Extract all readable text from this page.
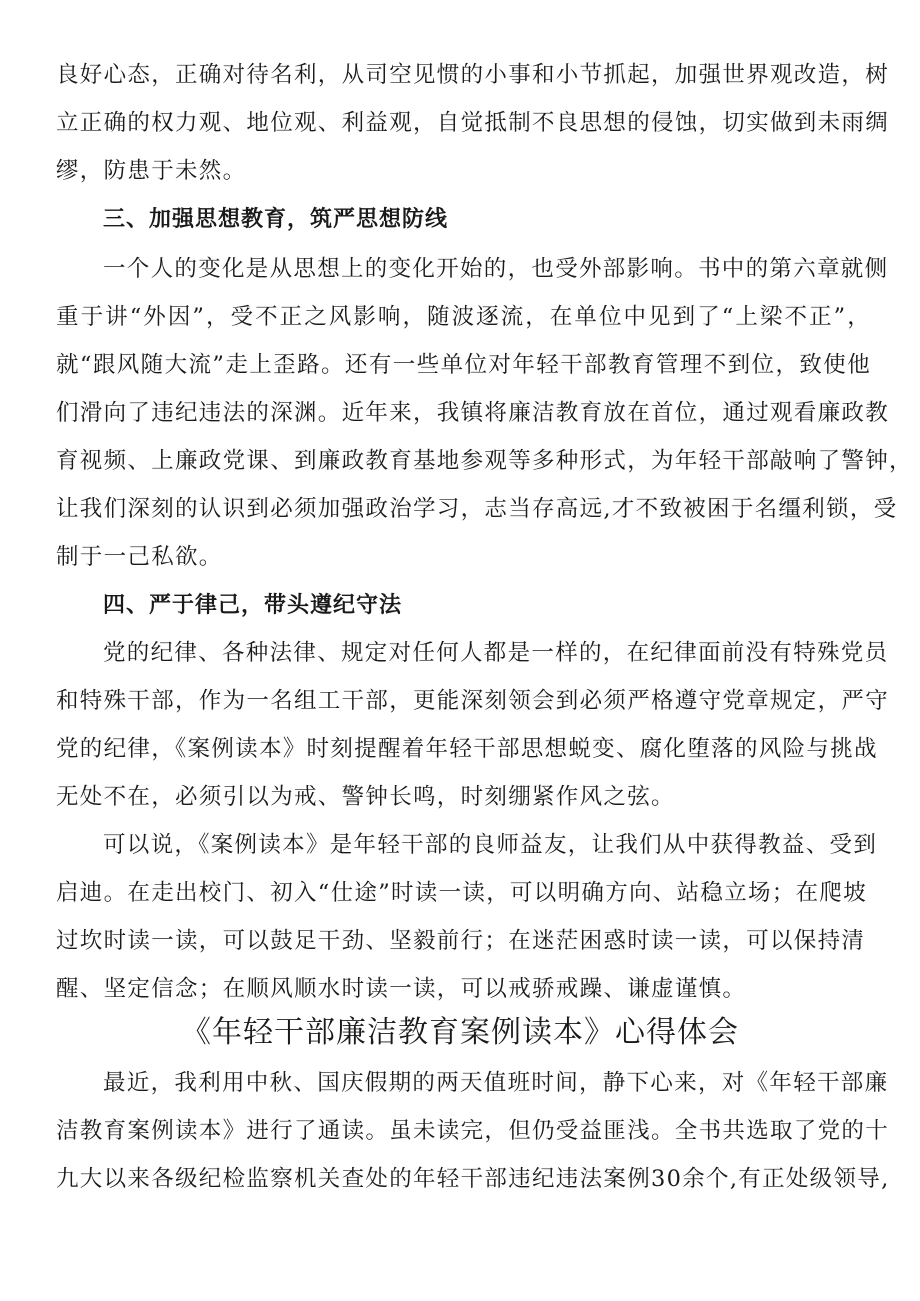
良好心态，正确对待名利，从司空见惯的小事和小节抓起，加强世界观改造，树
立正确的权力观、地位观、利益观，自觉抵制不良思想的侵蚀，切实做到未雨绸
缪，防患于未然。
三、加强思想教育，筑严思想防线
一个人的变化是从思想上的变化开始的，也受外部影响。书中的第六章就侧
重于讲“外因”，受不正之风影响，随波逐流，在单位中见到了“上梁不正”，
就“跟风随大流”走上歪路。还有一些单位对年轻干部教育管理不到位，致使他
们滑向了违纪违法的深渊。近年来，我镇将廉洁教育放在首位，通过观看廉政教
育视频、上廉政党课、到廉政教育基地参观等多种形式，为年轻干部敲响了警钟，
让我们深刻的认识到必须加强政治学习，志当存高远,才不致被困于名缰利锁，受
制于一己私欲。
四、严于律己，带头遵纪守法
党的纪律、各种法律、规定对任何人都是一样的，在纪律面前没有特殊党员
和特殊干部，作为一名组工干部，更能深刻领会到必须严格遵守党章规定，严守
党的纪律，《案例读本》时刻提醒着年轻干部思想蜕变、腐化堕落的风险与挑战
无处不在，必须引以为戒、警钟长鸣，时刻绷紧作风之弦。
可以说，《案例读本》是年轻干部的良师益友，让我们从中获得教益、受到
启迪。在走出校门、初入“仕途”时读一读，可以明确方向、站稳立场；在爬坡
过坎时读一读，可以鼓足干劲、坚毅前行；在迷茫困惑时读一读，可以保持清
醒、坚定信念；在顺风顺水时读一读，可以戒骄戒躁、谦虚谨慎。
《年轻干部廉洁教育案例读本》心得体会
最近，我利用中秋、国庆假期的两天值班时间，静下心来，对《年轻干部廉
洁教育案例读本》进行了通读。虽未读完，但仍受益匪浅。全书共选取了党的十
九大以来各级纪检监察机关查处的年轻干部违纪违法案例30余个,有正处级领导,
